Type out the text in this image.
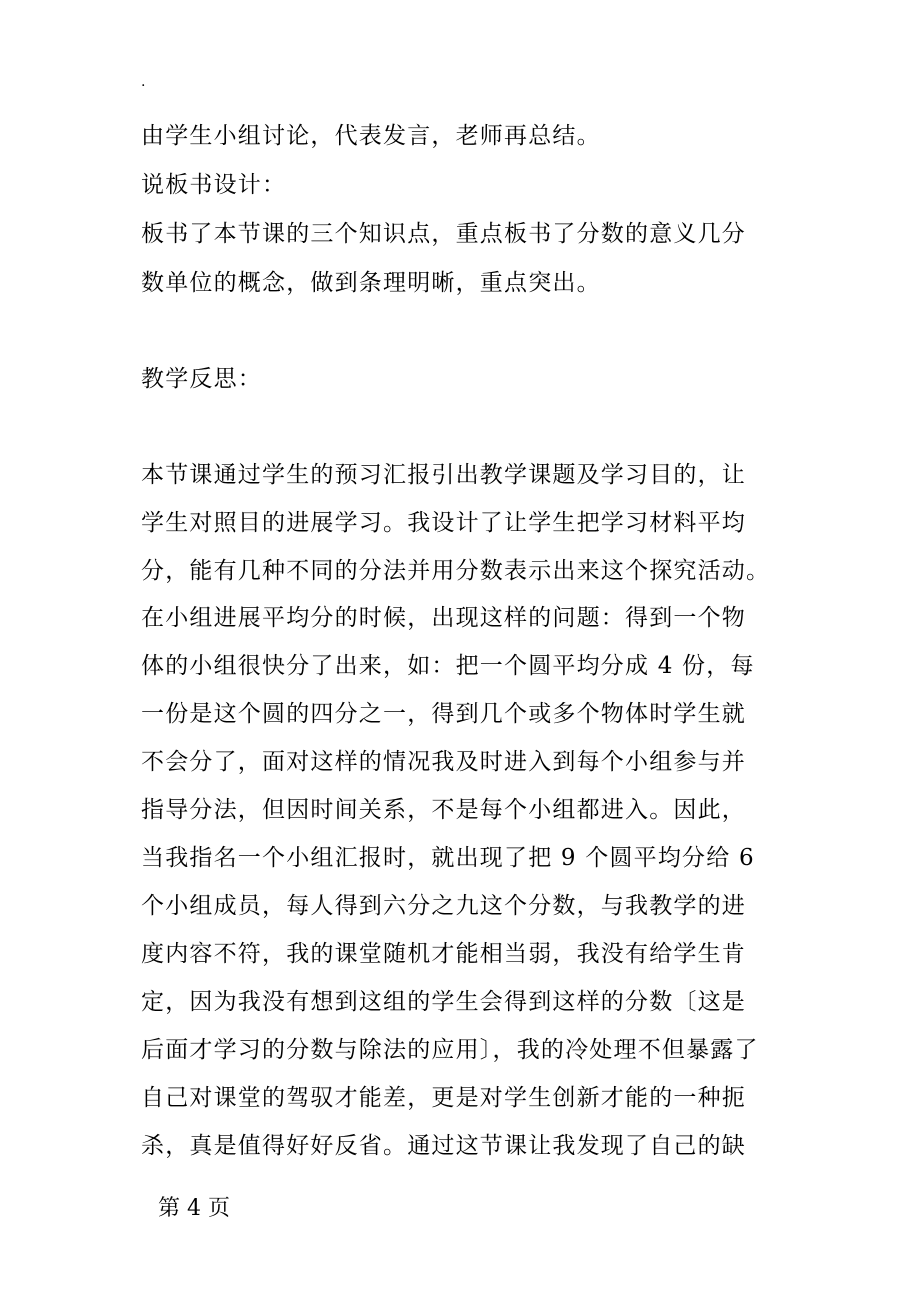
.
由学生小组讨论，代表发言，老师再总结。
说板书设计：
板书了本节课的三个知识点，重点板书了分数的意义几分
数单位的概念，做到条理明晰，重点突出。
教学反思：
本节课通过学生的预习汇报引出教学课题及学习目的，让
学生对照目的进展学习。我设计了让学生把学习材料平均
分，能有几种不同的分法并用分数表示出来这个探究活动。
在小组进展平均分的时候，出现这样的问题：得到一个物
体的小组很快分了出来，如：把一个圆平均分成 4 份，每
一份是这个圆的四分之一，得到几个或多个物体时学生就
不会分了，面对这样的情况我及时进入到每个小组参与并
指导分法，但因时间关系，不是每个小组都进入。因此，
当我指名一个小组汇报时，就出现了把 9 个圆平均分给 6
个小组成员，每人得到六分之九这个分数，与我教学的进
度内容不符，我的课堂随机才能相当弱，我没有给学生肯
定，因为我没有想到这组的学生会得到这样的分数〔这是
后面才学习的分数与除法的应用〕，我的冷处理不但暴露了
自己对课堂的驾驭才能差，更是对学生创新才能的一种扼
杀，真是值得好好反省。通过这节课让我发现了自己的缺
第 4 页
